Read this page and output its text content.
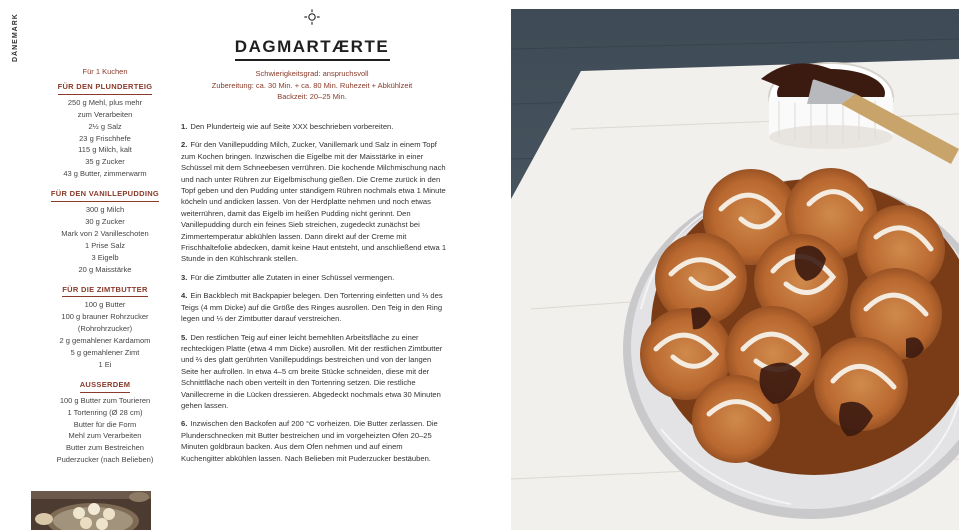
DÄNEMARK
Für 1 Kuchen
FÜR DEN PLUNDERTEIG
250 g Mehl, plus mehr
zum Verarbeiten
2½ g Salz
23 g Frischhefe
115 g Milch, kalt
35 g Zucker
43 g Butter, zimmerwarm
FÜR DEN VANILLEPUDDING
300 g Milch
30 g Zucker
Mark von 2 Vanilleschoten
1 Prise Salz
3 Eigelb
20 g Maisstärke
FÜR DIE ZIMTBUTTER
100 g Butter
100 g brauner Rohrzucker
(Rohrohrzucker)
2 g gemahlener Kardamom
5 g gemahlener Zimt
1 Ei
AUSSERDEM
100 g Butter zum Tourieren
1 Tortenring (Ø 28 cm)
Butter für die Form
Mehl zum Verarbeiten
Butter zum Bestreichen
Puderzucker (nach Belieben)
DAGMARTÆRTE
Schwierigkeitsgrad: anspruchsvoll
Zubereitung: ca. 30 Min. + ca. 80 Min. Ruhezeit + Abkühlzeit
Backzeit: 20–25 Min.

1. Den Plunderteig wie auf Seite XXX beschrieben vorbereiten.

2. Für den Vanillepudding Milch, Zucker, Vanillemark und Salz in einem Topf zum Kochen bringen. Inzwischen die Eigelbe mit der Maisstärke in einer Schüssel mit dem Schneebesen verrühren. Die kochende Milchmischung nach und nach unter Rühren zur Eigelbmischung gießen. Die Creme zurück in den Topf geben und den Pudding unter ständigem Rühren nochmals etwa 1 Minute köcheln und andicken lassen. Von der Herdplatte nehmen und noch etwas weiterrühren, damit das Eigelb im heißen Pudding nicht gerinnt. Den Vanillepudding durch ein feines Sieb streichen, zugedeckt zunächst bei Zimmertemperatur abkühlen lassen. Dann direkt auf der Creme mit Frischhaltefolie abdecken, damit keine Haut entsteht, und anschließend etwa 1 Stunde in den Kühlschrank stellen.

3. Für die Zimtbutter alle Zutaten in einer Schüssel vermengen.

4. Ein Backblech mit Backpapier belegen. Den Tortenring einfetten und ⅓ des Teigs (4 mm Dicke) auf die Größe des Ringes ausrollen. Den Teig in den Ring legen und ⅓ der Zimtbutter darauf verstreichen.

5. Den restlichen Teig auf einer leicht bemehlten Arbeitsfläche zu einer rechteckigen Platte (etwa 4 mm Dicke) ausrollen. Mit der restlichen Zimtbutter und ⅔ des glatt gerührten Vanillepuddings bestreichen und von der langen Seite her aufrollen. In etwa 4–5 cm breite Stücke schneiden, diese mit der Schnittfläche nach oben verteilt in den Tortenring setzen. Die restliche Vanillecreme in die Lücken dressieren. Abgedeckt nochmals etwa 30 Minuten gehen lassen.

6. Inzwischen den Backofen auf 200 °C vorheizen. Die Butter zerlassen. Die Plunderschnecken mit Butter bestreichen und im vorgeheizten Ofen 20–25 Minuten goldbraun backen. Aus dem Ofen nehmen und auf einem Kuchengitter abkühlen lassen. Nach Belieben mit Puderzucker bestäuben.
